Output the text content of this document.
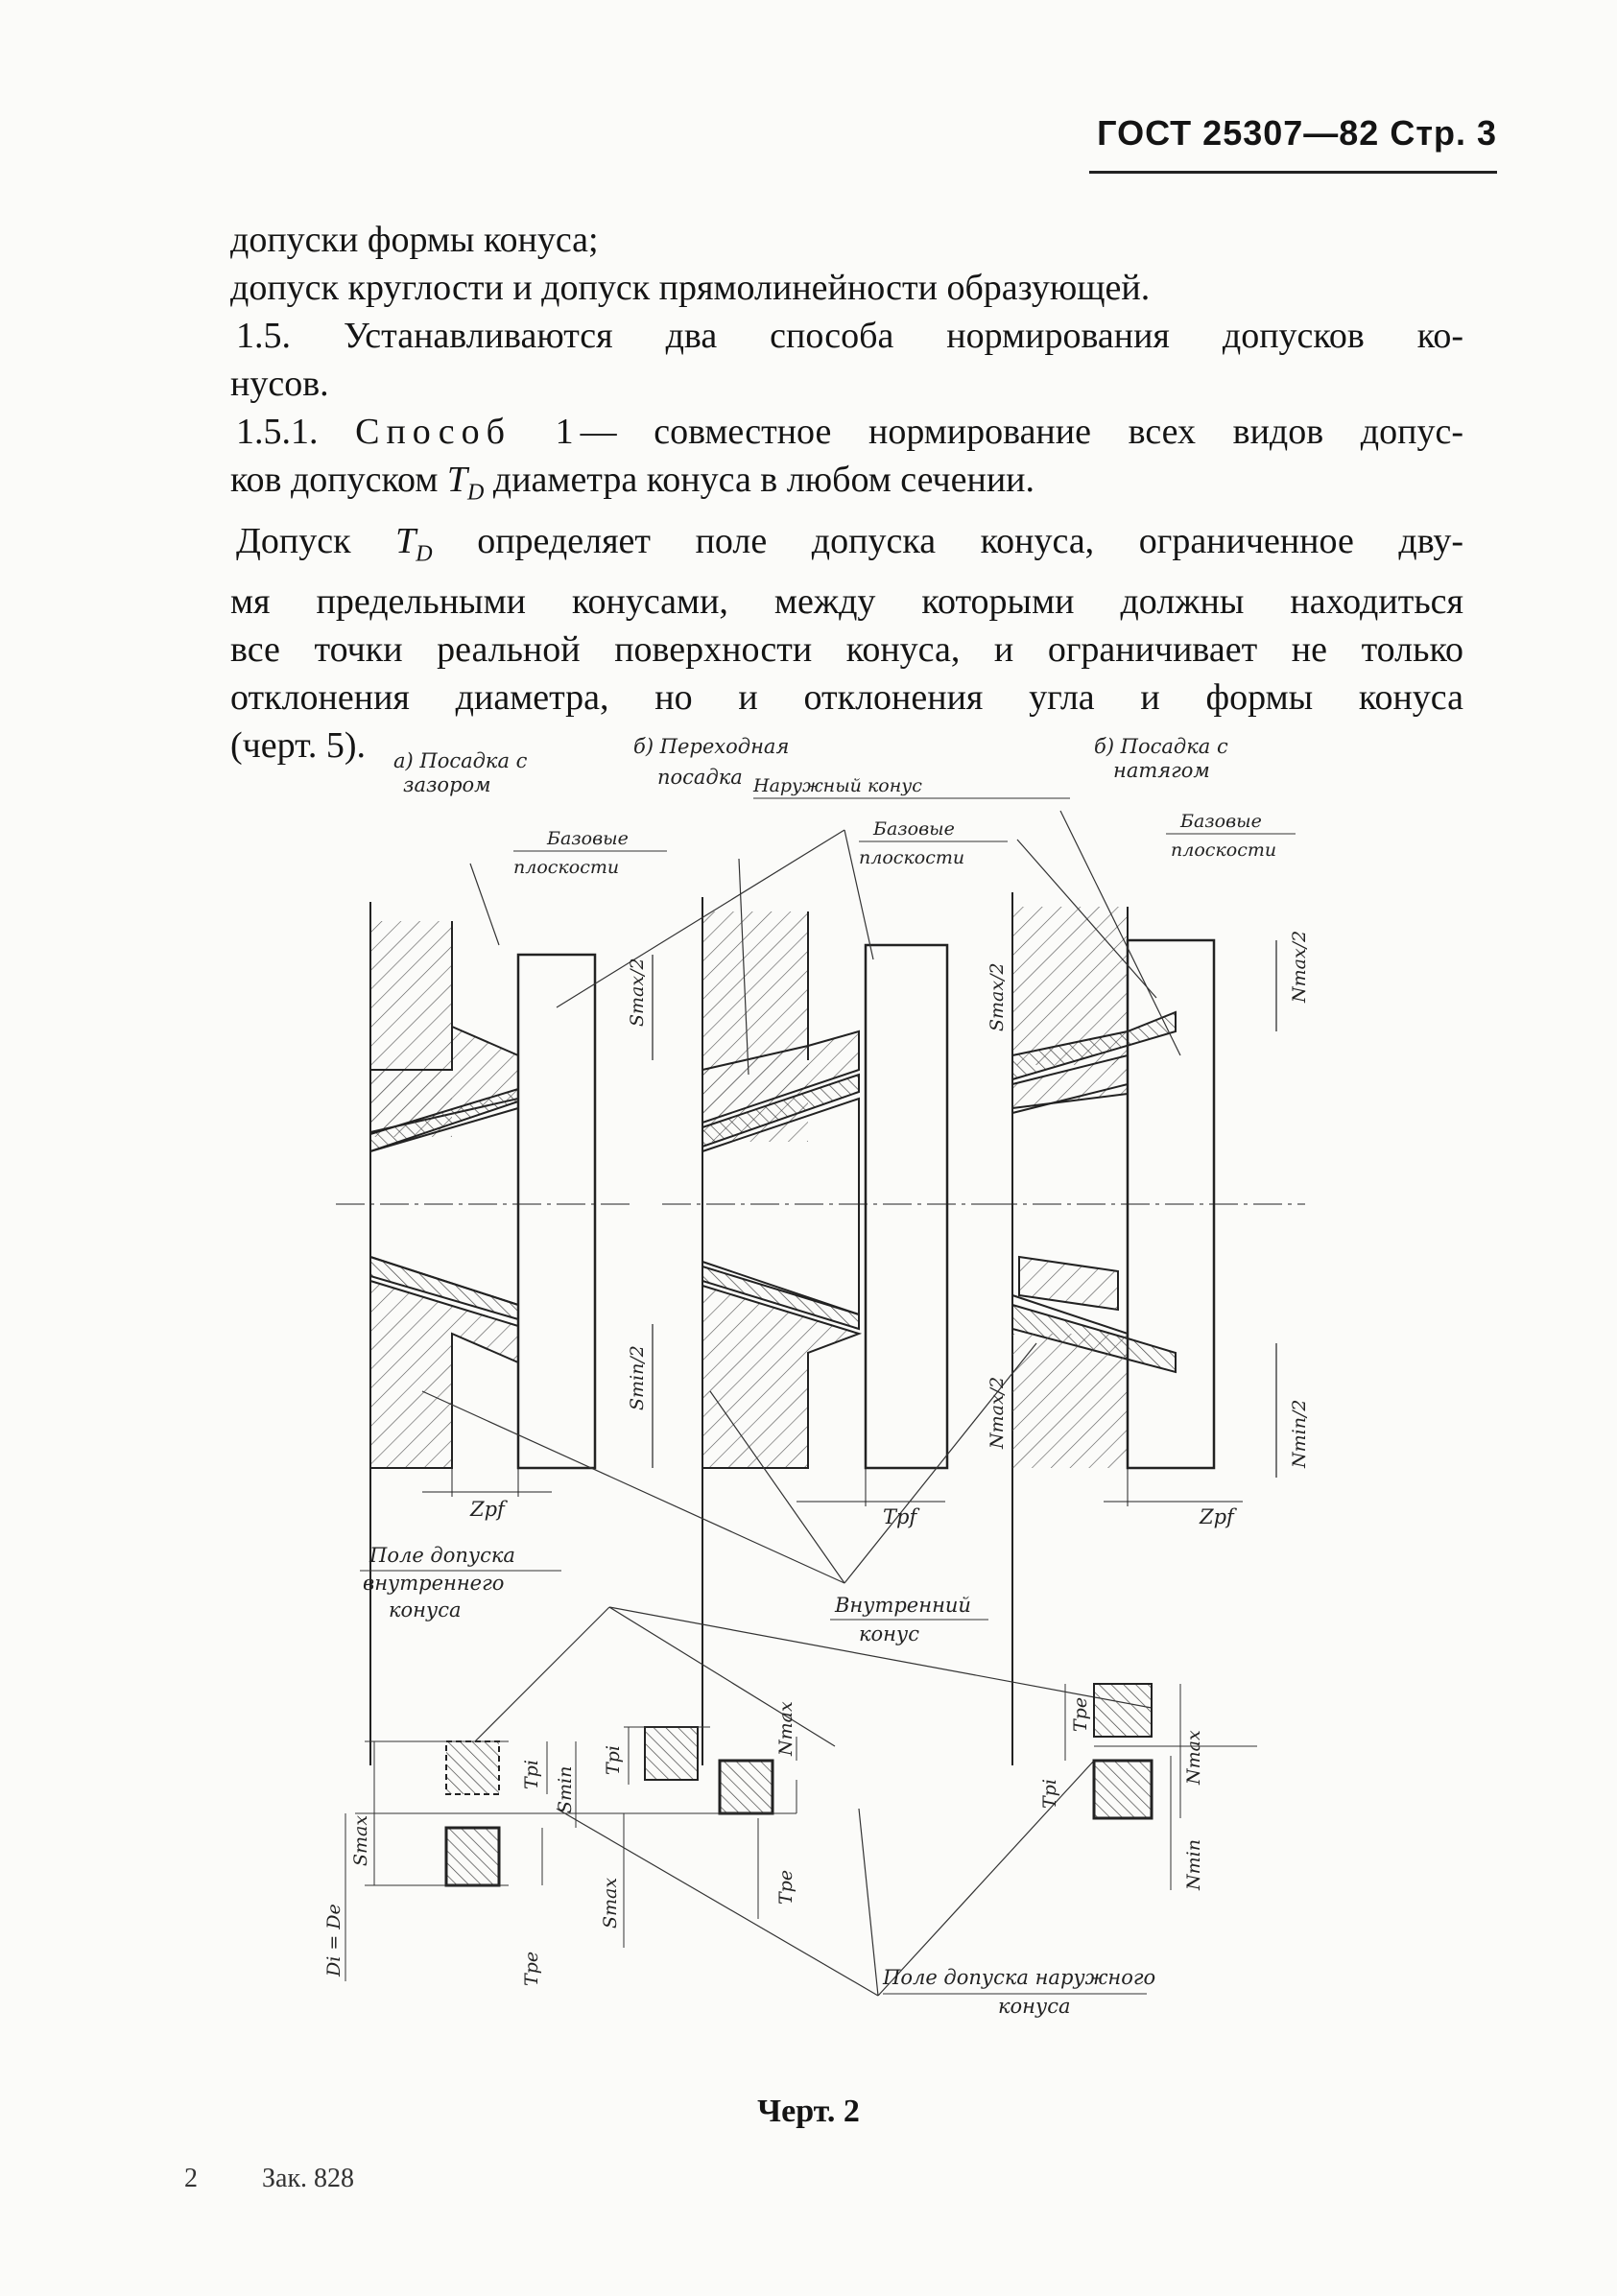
ГОСТ 25307—82 Стр. 3

допуски формы конуса;

допуск круглости и допуск прямолинейности образующей.

1.5. Устанавливаются два способа нормирования допусков ко-

нусов.

1.5.1. Способ 1— совместное нормирование всех видов допус-

ков допуском $T_D$ диаметра конуса в любом сечении.

Допуск $T_D$ определяет поле допуска конуса, ограниченное дву-

мя предельными конусами, между которыми должны находиться

все точки реальной поверхности конуса, и ограничивает не только

отклонения диаметра, но и отклонения угла и формы конуса

(черт. 5).	а) Посадка с
зазором
б) Переходная
посадка
б) Посадка с
натягом
Наружный конус
Базовые
плоскости
Базовые
плоскости
Базовые
плоскости
Внутренний
конус
Поле допуска
внутреннего
конуса
Поле допуска наружного
конуса
Smax/2
Smin/2
Smax/2
Nmax/2
Nmax/2
Nmin/2
Zpf	Tpf	Zpf
Smax
Smin
Tpi
Tpe
Di = De
Tpi
Smax
Nmax
Tpe
Tpe
Tpi
Nmax
Nmin
Черт. 2
2 Зак. 828
